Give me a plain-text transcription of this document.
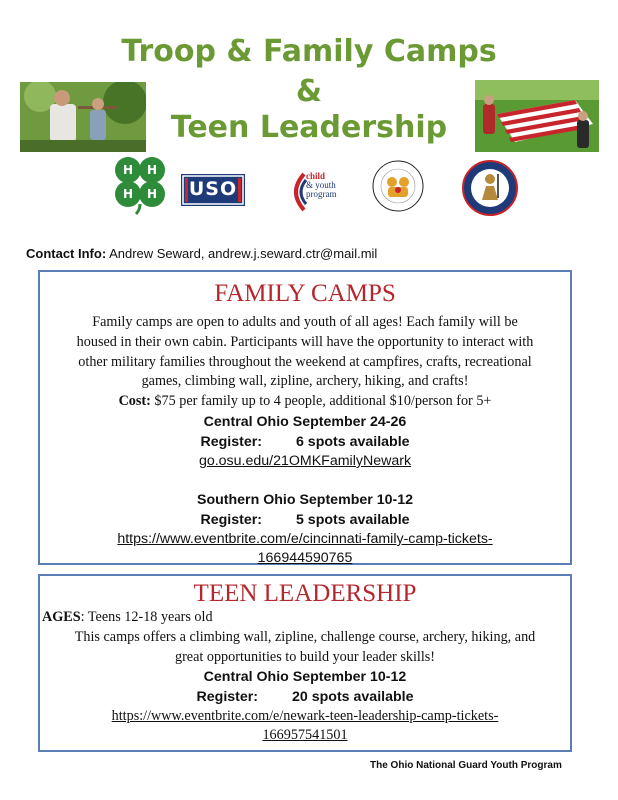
Troop & Family Camps
&
Teen Leadership
H H
H H	USO
child
& youth
program
Contact Info: Andrew Seward, andrew.j.seward.ctr@mail.mil
FAMILY CAMPS
Family camps are open to adults and youth of all ages! Each family will be
housed in their own cabin. Participants will have the opportunity to interact with
other military families throughout the weekend at campfires, crafts, recreational
games, climbing wall, zipline, archery, hiking, and crafts!
Cost: $75 per family up to 4 people, additional $10/person for 5+
Central Ohio September 24-26
Register: 6 spots available
go.osu.edu/21OMKFamilyNewark
Southern Ohio September 10-12
Register: 5 spots available
https://www.eventbrite.com/e/cincinnati-family-camp-tickets-
166944590765
TEEN LEADERSHIP
AGES: Teens 12-18 years old
This camps offers a climbing wall, zipline, challenge course, archery, hiking, and
great opportunities to build your leader skills!
Central Ohio September 10-12
Register: 20 spots available
https://www.eventbrite.com/e/newark-teen-leadership-camp-tickets-
166957541501
The Ohio National Guard Youth Program
